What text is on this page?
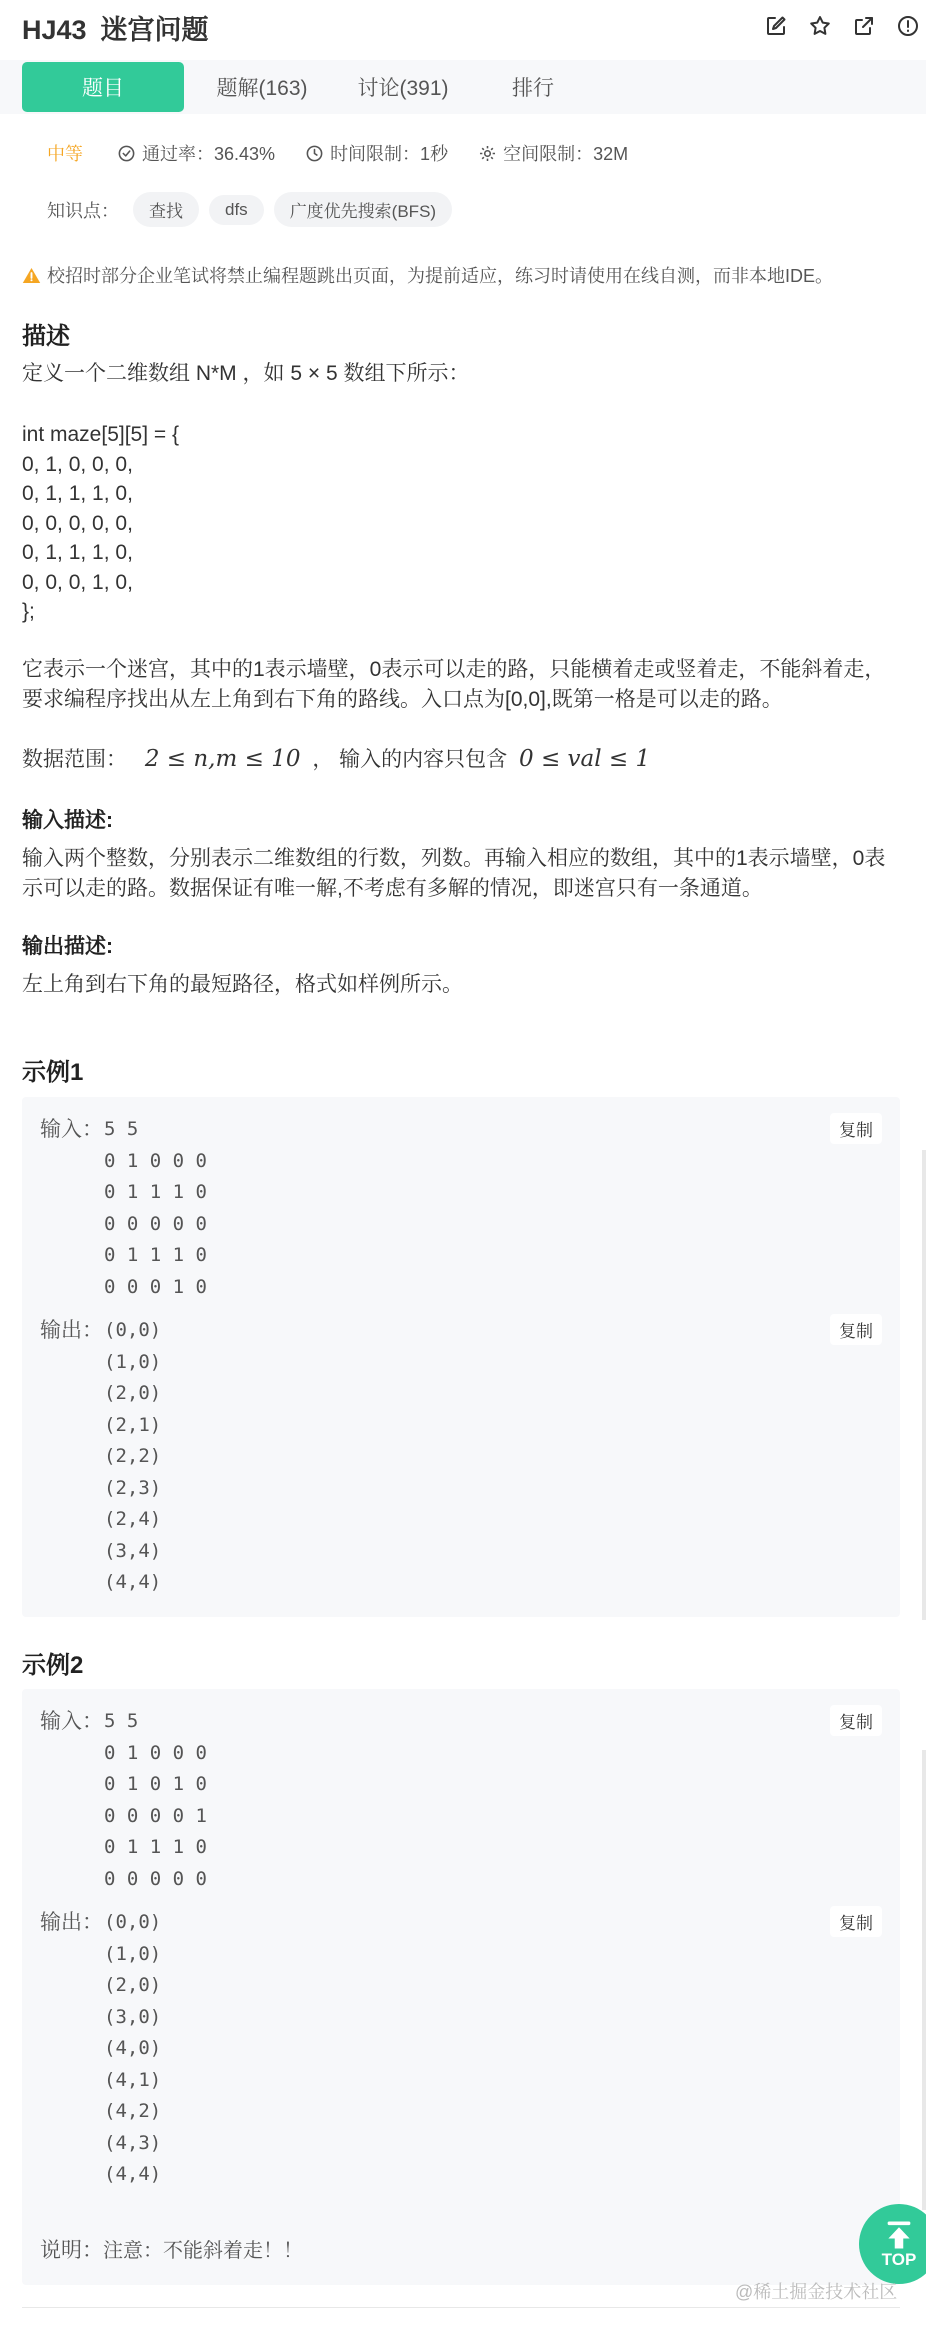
HJ43 迷宫问题
题目	题解(163)	讨论(391)	排行
中等	通过率：36.43%	时间限制：1秒	空间限制：32M
知识点：	查找	dfs	广度优先搜索(BFS)
校招时部分企业笔试将禁止编程题跳出页面，为提前适应，练习时请使用在线自测，而非本地IDE。
描述
定义一个二维数组 N*M ，如 5 × 5 数组下所示：
int maze[5][5] = {
0, 1, 0, 0, 0,
0, 1, 1, 1, 0,
0, 0, 0, 0, 0,
0, 1, 1, 1, 0,
0, 0, 0, 1, 0,
};
它表示一个迷宫，其中的1表示墙壁，0表示可以走的路，只能横着走或竖着走，不能斜着走，要求编程序找出从左上角到右下角的路线。入口点为[0,0],既第一格是可以走的路。
数据范围： 2 ≤ n,m ≤ 10 ， 输入的内容只包含 0 ≤ val ≤ 1
输入描述:
输入两个整数，分别表示二维数组的行数，列数。再输入相应的数组，其中的1表示墙壁，0表示可以走的路。数据保证有唯一解,不考虑有多解的情况，即迷宫只有一条通道。
输出描述:
左上角到右下角的最短路径，格式如样例所示。
示例1
输入： 5 5
0 1 0 0 0
0 1 1 1 0
0 0 0 0 0
0 1 1 1 0
0 0 0 1 0
复制
输出： (0,0)
(1,0)
(2,0)
(2,1)
(2,2)
(2,3)
(2,4)
(3,4)
(4,4)
复制
示例2
输入： 5 5
0 1 0 0 0
0 1 0 1 0
0 0 0 0 1
0 1 1 1 0
0 0 0 0 0
复制
输出： (0,0)
(1,0)
(2,0)
(3,0)
(4,0)
(4,1)
(4,2)
(4,3)
(4,4)
复制
说明：注意：不能斜着走！！	TOP
@稀土掘金技术社区
